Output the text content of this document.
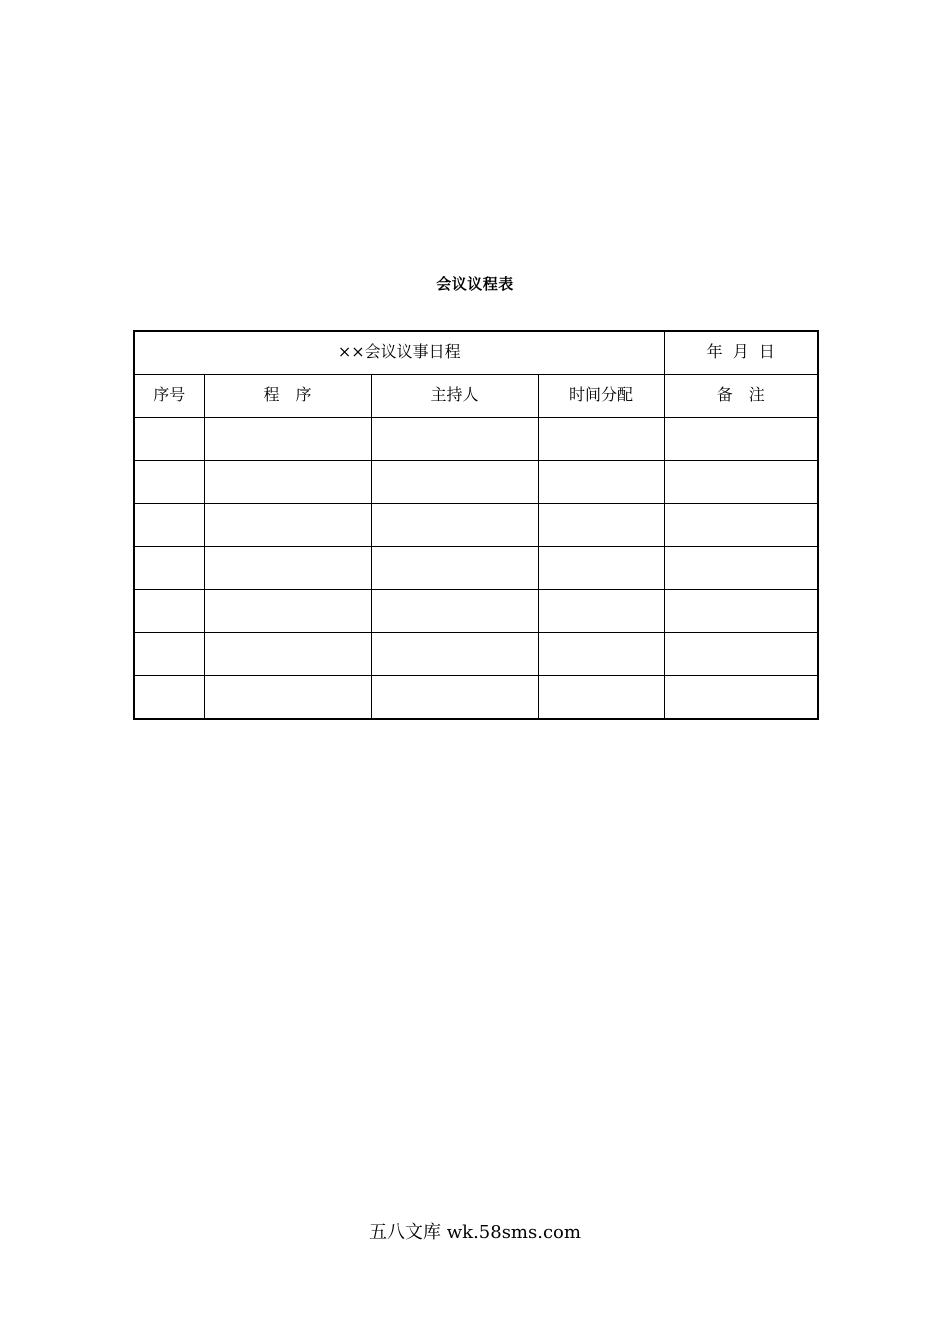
会议议程表
××会议议事日程				年  月  日
序号	程　序	主持人	时间分配	备　注

五八文库 wk.58sms.com
